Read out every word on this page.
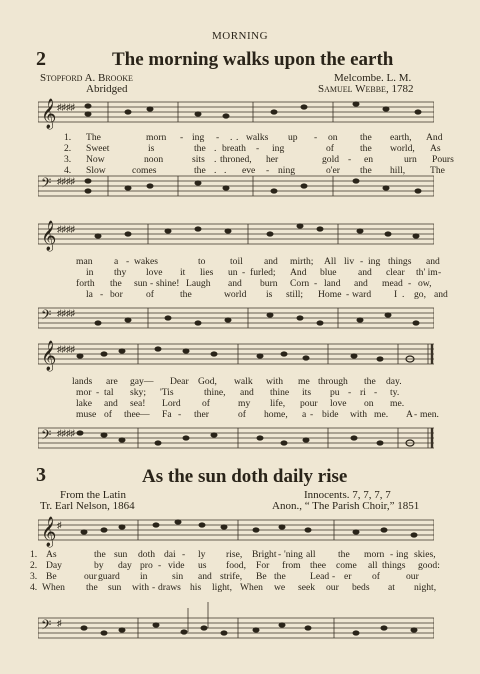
MORNING
2	The morning walks upon the earth
Stopford A. Brooke
Abridged
Melcombe. L. M.
Samuel Webbe, 1782
𝄞 ♯♯♯♯
𝄢 ♯♯♯♯
1. The	morn - ing - . . walks up - on the earth, And
2. Sweet	is	the . breath - ing	of	the world, As
3. Now	noon	sits . throned, her	gold - en	urn Pours
4. Slow	comes	the . . eve - ning	o'er the hill,	The
𝄞 ♯♯♯♯
𝄢 ♯♯♯♯
man a - wakes	to	toil and mirth; All liv - ing things and
in thy love it lies un - furled; And blue and clear th' im -
forth the sun - shine! Laugh and burn Corn - land and mead - ow,
la - bor of	the	world is still; Home - ward I . go, and
𝄞 ♯♯♯♯
𝄢 ♯♯♯♯
lands are gay— Dear God, walk with me through the day.
mor - tal sky; 'Tis	thine, and thine its pu - ri - ty.
lake and sea! Lord of	my life, pour love on me.
muse of thee— Fa - ther	of home, a - bide with me. A - men.
3	As the sun doth daily rise
From the Latin
Tr. Earl Nelson, 1864
Innocents. 7, 7, 7, 7
Anon., “ The Parish Choir,” 1851
𝄞 ♯
1. As	the sun doth dai - ly rise, Bright - 'ning all the morn - ing skies,
2. Day	by day pro - vide us food, For from thee come all things good:
3. Be	our guard in	sin and strife, Be the	Lead - er of	our
4. When the sun with - draws his light, When we seek our beds at night,
𝄢 ♯
